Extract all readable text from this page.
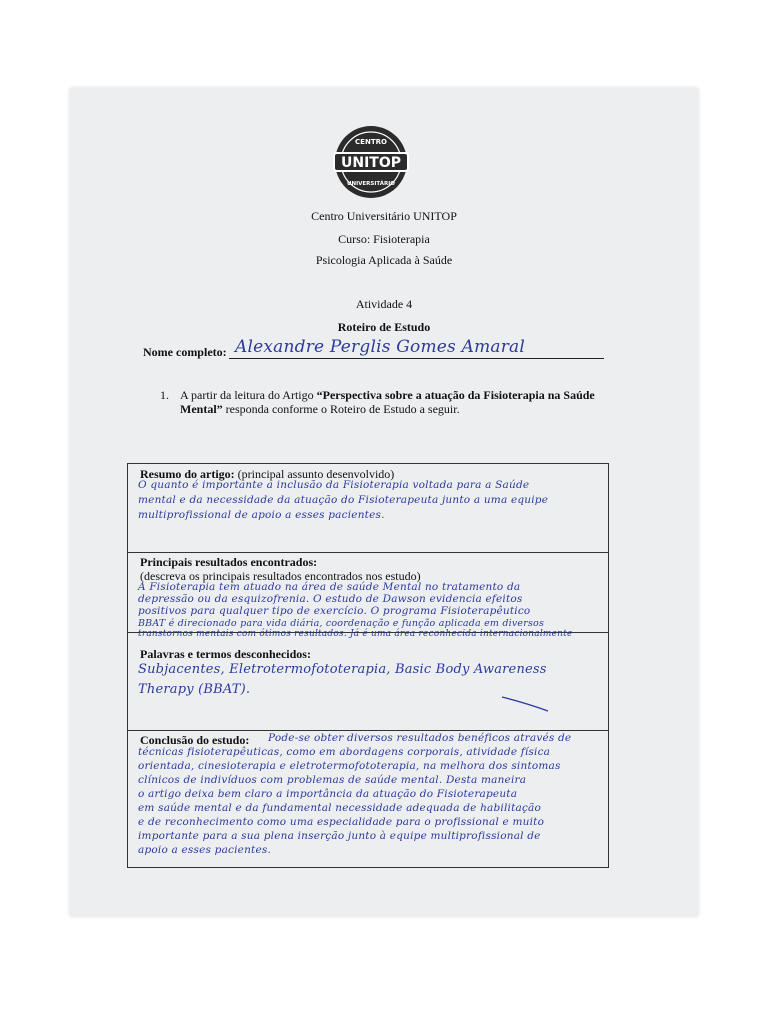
UNITOP
CENTRO
UNIVERSITÁRIO
Centro Universitário UNITOP
Curso: Fisioterapia
Psicologia Aplicada à Saúde
Atividade 4
Roteiro de Estudo
Nome completo: Alexandre Perglis Gomes Amaral
1. A partir da leitura do Artigo “Perspectiva sobre a atuação da Fisioterapia na Saúde Mental” responda conforme o Roteiro de Estudo a seguir.
Resumo do artigo: (principal assunto desenvolvido)
O quanto é importante a inclusão da Fisioterapia voltada para a Saúde
mental e da necessidade da atuação do Fisioterapeuta junto a uma equipe
multiprofissional de apoio a esses pacientes.
Principais resultados encontrados:
(descreva os principais resultados encontrados nos estudo)
A Fisioterapia tem atuado na área de saúde Mental no tratamento da
depressão ou da esquizofrenia. O estudo de Dawson evidencia efeitos
positivos para qualquer tipo de exercício. O programa Fisioterapêutico
BBAT é direcionado para vida diária, coordenação e função aplicada em diversos
transtornos mentais com ótimos resultados. Já é uma área reconhecida internacionalmente
Palavras e termos desconhecidos:
Subjacentes, Eletrotermofototerapia, Basic Body Awareness
Therapy (BBAT).
Conclusão do estudo: Pode-se obter diversos resultados benéficos através de
técnicas fisioterapêuticas, como em abordagens corporais, atividade física
orientada, cinesioterapia e eletrotermofototerapia, na melhora dos sintomas
clínicos de indivíduos com problemas de saúde mental. Desta maneira
o artigo deixa bem claro a importância da atuação do Fisioterapeuta
em saúde mental e da fundamental necessidade adequada de habilitação
e de reconhecimento como uma especialidade para o profissional e muito
importante para a sua plena inserção junto à equipe multiprofissional de
apoio a esses pacientes.
